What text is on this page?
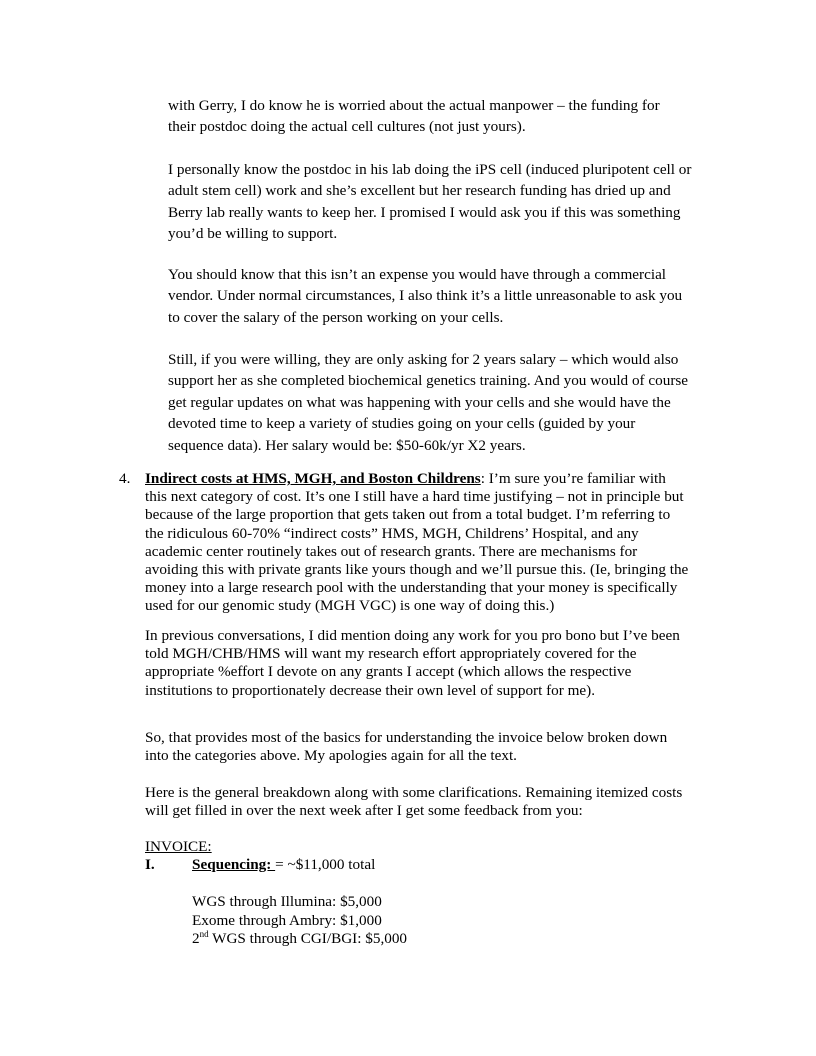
with Gerry, I do know he is worried about the actual manpower – the funding for
their postdoc doing the actual cell cultures (not just yours).

I personally know the postdoc in his lab doing the iPS cell (induced pluripotent cell or
adult stem cell) work and she’s excellent but her research funding has dried up and
Berry lab really wants to keep her. I promised I would ask you if this was something
you’d be willing to support.

You should know that this isn’t an expense you would have through a commercial
vendor. Under normal circumstances, I also think it’s a little unreasonable to ask you
to cover the salary of the person working on your cells.

Still, if you were willing, they are only asking for 2 years salary – which would also
support her as she completed biochemical genetics training. And you would of course
get regular updates on what was happening with your cells and she would have the
devoted time to keep a variety of studies going on your cells (guided by your
sequence data). Her salary would be: $50-60k/yr X2 years.

4. Indirect costs at HMS, MGH, and Boston Childrens: I’m sure you’re familiar with
this next category of cost. It’s one I still have a hard time justifying – not in principle but
because of the large proportion that gets taken out from a total budget. I’m referring to
the ridiculous 60-70% “indirect costs” HMS, MGH, Childrens’ Hospital, and any
academic center routinely takes out of research grants. There are mechanisms for
avoiding this with private grants like yours though and we’ll pursue this. (Ie, bringing the
money into a large research pool with the understanding that your money is specifically
used for our genomic study (MGH VGC) is one way of doing this.)

In previous conversations, I did mention doing any work for you pro bono but I’ve been
told MGH/CHB/HMS will want my research effort appropriately covered for the
appropriate %effort I devote on any grants I accept (which allows the respective
institutions to proportionately decrease their own level of support for me).

So, that provides most of the basics for understanding the invoice below broken down
into the categories above. My apologies again for all the text.

Here is the general breakdown along with some clarifications. Remaining itemized costs
will get filled in over the next week after I get some feedback from you:

INVOICE:

I. Sequencing: = ~$11,000 total
WGS through Illumina: $5,000
Exome through Ambry: $1,000
2nd WGS through CGI/BGI: $5,000
